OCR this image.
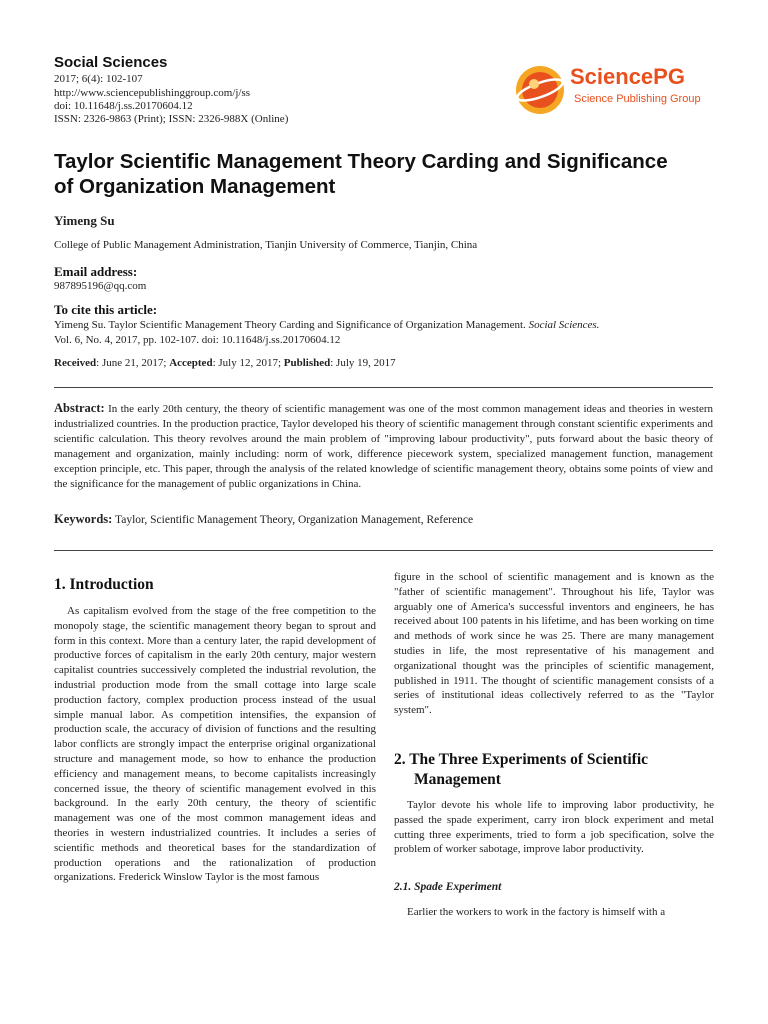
Social Sciences
2017; 6(4): 102-107
http://www.sciencepublishinggroup.com/j/ss
doi: 10.11648/j.ss.20170604.12
ISSN: 2326-9863 (Print); ISSN: 2326-988X (Online)
SciencePG
Science Publishing Group
Taylor Scientific Management Theory Carding and Significance of Organization Management
Yimeng Su
College of Public Management Administration, Tianjin University of Commerce, Tianjin, China
Email address:
987895196@qq.com
To cite this article:
Yimeng Su. Taylor Scientific Management Theory Carding and Significance of Organization Management. Social Sciences.
Vol. 6, No. 4, 2017, pp. 102-107. doi: 10.11648/j.ss.20170604.12
Received: June 21, 2017; Accepted: July 12, 2017; Published: July 19, 2017
Abstract: In the early 20th century, the theory of scientific management was one of the most common management ideas and theories in western industrialized countries. In the production practice, Taylor developed his theory of scientific management through constant scientific experiments and scientific calculation. This theory revolves around the main problem of "improving labour productivity", puts forward about the basic theory of management and organization, mainly including: norm of work, difference piecework system, specialized management function, management exception principle, etc. This paper, through the analysis of the related knowledge of scientific management theory, obtains some points of view and the significance for the management of public organizations in China.
Keywords: Taylor, Scientific Management Theory, Organization Management, Reference
1. Introduction

As capitalism evolved from the stage of the free competition to the monopoly stage, the scientific management theory began to sprout and form in this context. More than a century later, the rapid development of productive forces of capitalism in the early 20th century, major western capitalist countries successively completed the industrial revolution, the industrial production mode from the small cottage into large scale production factory, complex production process instead of the usual simple manual labor. As competition intensifies, the expansion of production scale, the accuracy of division of functions and the resulting labor conflicts are strongly impact the enterprise original organizational structure and management mode, so how to enhance the production efficiency and management means, to become capitalists increasingly concerned issue, the theory of scientific management evolved in this background. In the early 20th century, the theory of scientific management was one of the most common management ideas and theories in western industrialized countries. It includes a series of scientific methods and theoretical bases for the standardization of production operations and the rationalization of production organizations. Frederick Winslow Taylor is the most famous

figure in the school of scientific management and is known as the "father of scientific management". Throughout his life, Taylor was arguably one of America's successful inventors and engineers, he has received about 100 patents in his lifetime, and has been working on time and methods of work since he was 25. There are many management studies in life, the most representative of his management and organizational thought was the principles of scientific management, published in 1911. The thought of scientific management consists of a series of institutional ideas collectively referred to as the "Taylor system".

2. The Three Experiments of Scientific
Management

Taylor devote his whole life to improving labor productivity, he passed the spade experiment, carry iron block experiment and metal cutting three experiments, tried to form a job specification, solve the problem of worker sabotage, improve labor productivity.

2.1. Spade Experiment

Earlier the workers to work in the factory is himself with a
